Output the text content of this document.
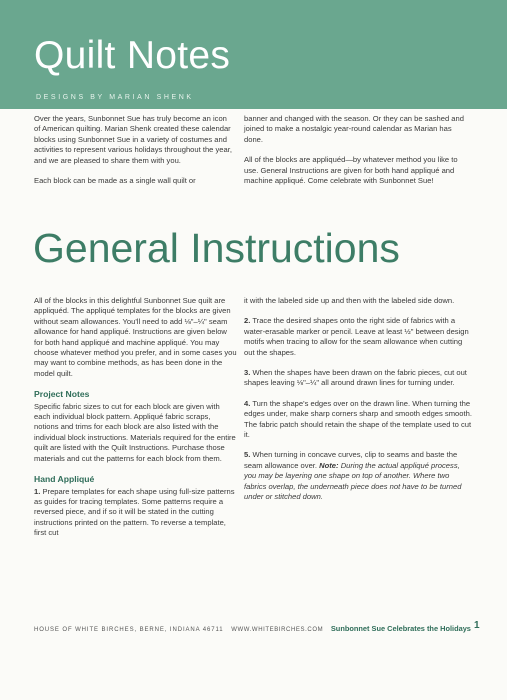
Quilt Notes
DESIGNS BY MARIAN SHENK

Over the years, Sunbonnet Sue has truly become an icon of American quilting. Marian Shenk created these calendar blocks using Sunbonnet Sue in a variety of costumes and activities to represent various holidays throughout the year, and we are pleased to share them with you.

Each block can be made as a single wall quilt or

banner and changed with the season. Or they can be sashed and joined to make a nostalgic year-round calendar as Marian has done.

All of the blocks are appliquéd—by whatever method you like to use. General Instructions are given for both hand appliqué and machine appliqué. Come celebrate with Sunbonnet Sue!

General Instructions

All of the blocks in this delightful Sunbonnet Sue quilt are appliquéd. The appliqué templates for the blocks are given without seam allowances. You'll need to add ⅛"–¼" seam allowance for hand appliqué. Instructions are given below for both hand appliqué and machine appliqué. You may choose whatever method you prefer, and in some cases you may want to combine methods, as has been done in the model quilt.

Project Notes

Specific fabric sizes to cut for each block are given with each individual block pattern. Appliqué fabric scraps, notions and trims for each block are also listed with the individual block instructions. Materials required for the entire quilt are listed with the Quilt Instructions. Purchase those materials and cut the patterns for each block from them.

Hand Appliqué

1. Prepare templates for each shape using full-size patterns as guides for tracing templates. Some patterns require a reversed piece, and if so it will be stated in the cutting instructions printed on the pattern. To reverse a template, first cut

it with the labeled side up and then with the labeled side down.

2. Trace the desired shapes onto the right side of fabrics with a water-erasable marker or pencil. Leave at least ½" between design motifs when tracing to allow for the seam allowance when cutting out the shapes.

3. When the shapes have been drawn on the fabric pieces, cut out shapes leaving ⅛"–¼" all around drawn lines for turning under.

4. Turn the shape's edges over on the drawn line. When turning the edges under, make sharp corners sharp and smooth edges smooth. The fabric patch should retain the shape of the template used to cut it.

5. When turning in concave curves, clip to seams and baste the seam allowance over. Note: During the actual appliqué process, you may be layering one shape on top of another. Where two fabrics overlap, the underneath piece does not have to be turned under or stitched down.

HOUSE OF WHITE BIRCHES, BERNE, INDIANA 46711 WWW.WHITEBIRCHES.COM Sunbonnet Sue Celebrates the Holidays 1
